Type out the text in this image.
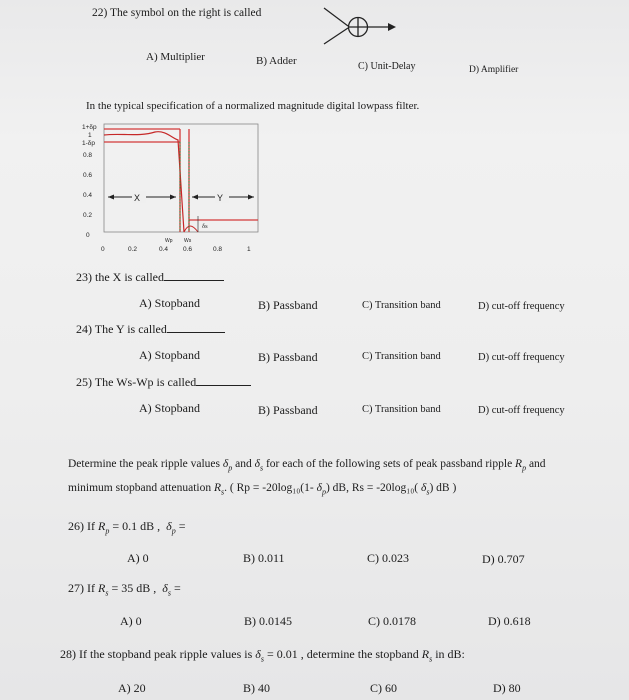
22) The symbol on the right is called
A) Multiplier	B) Adder	C) Unit-Delay	D) Amplifier
In the typical specification of a normalized magnitude digital lowpass filter.
1+δp
1
1-δp
0.8
0.6
0.4
0.2
0
0	0.2	0.4 0.6	0.8	1
X	Y
δs
Wp Ws
23) the X is called
A) Stopband	B) Passband	C) Transition band	D) cut-off frequency
24) The Y is called
A) Stopband	B) Passband	C) Transition band	D) cut-off frequency
25) The Ws-Wp is called
A) Stopband	B) Passband	C) Transition band	D) cut-off frequency
Determine the peak ripple values $\delta_p$ and $\delta_s$ for each of the following sets of peak passband ripple $R_p$ and
minimum stopband attenuation $R_s$. ( Rp = -20log₁₀(1- $\delta_p$) dB, Rs = -20log₁₀( $\delta_s$) dB )
26) If $R_p = 0.1$ dB , $\delta_p$ =
A) 0	B) 0.011	C) 0.023	D) 0.707
27) If $R_s = 35$ dB , $\delta_s$ =
A) 0	B) 0.0145	C) 0.0178	D) 0.618
28) If the stopband peak ripple values is $\delta_s = 0.01$ , determine the stopband $R_s$ in dB:
A) 20	B) 40	C) 60	D) 80
